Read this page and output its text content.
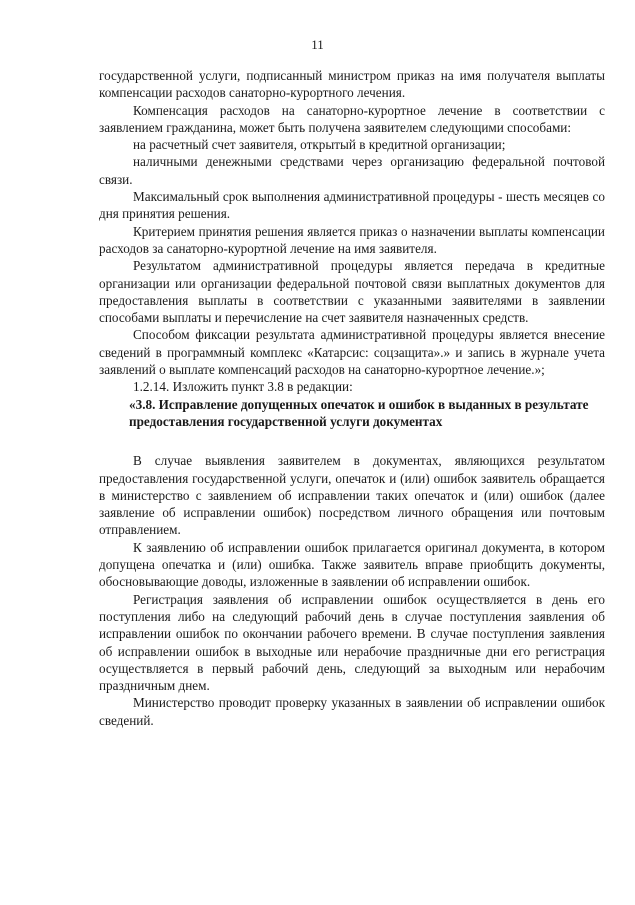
11

государственной услуги, подписанный министром приказ на имя получателя выплаты компенсации расходов санаторно-курортного лечения.

Компенсация расходов на санаторно-курортное лечение в соответствии с заявлением гражданина, может быть получена заявителем следующими способами:

на расчетный счет заявителя, открытый в кредитной организации;

наличными денежными средствами через организацию федеральной почтовой связи.

Максимальный срок выполнения административной процедуры - шесть месяцев со дня принятия решения.

Критерием принятия решения является приказ о назначении выплаты компенсации расходов за санаторно-курортной лечение на имя заявителя.

Результатом административной процедуры является передача в кредитные организации или организации федеральной почтовой связи выплатных документов для предоставления выплаты в соответствии с указанными заявителями в заявлении способами выплаты и перечисление на счет заявителя назначенных средств.

Способом фиксации результата административной процедуры является внесение сведений в программный комплекс «Катарсис: соцзащита».» и запись в журнале учета заявлений о выплате компенсаций расходов на санаторно-курортное лечение.»;

1.2.14. Изложить пункт 3.8 в редакции:

«3.8. Исправление допущенных опечаток и ошибок в выданных в результате предоставления государственной услуги документах

В случае выявления заявителем в документах, являющихся результатом предоставления государственной услуги, опечаток и (или) ошибок заявитель обращается в министерство с заявлением об исправлении таких опечаток и (или) ошибок (далее заявление об исправлении ошибок) посредством личного обращения или почтовым отправлением.

К заявлению об исправлении ошибок прилагается оригинал документа, в котором допущена опечатка и (или) ошибка. Также заявитель вправе приобщить документы, обосновывающие доводы, изложенные в заявлении об исправлении ошибок.

Регистрация заявления об исправлении ошибок осуществляется в день его поступления либо на следующий рабочий день в случае поступления заявления об исправлении ошибок по окончании рабочего времени. В случае поступления заявления об исправлении ошибок в выходные или нерабочие праздничные дни его регистрация осуществляется в первый рабочий день, следующий за выходным или нерабочим праздничным днем.

Министерство проводит проверку указанных в заявлении об исправлении ошибок сведений.
